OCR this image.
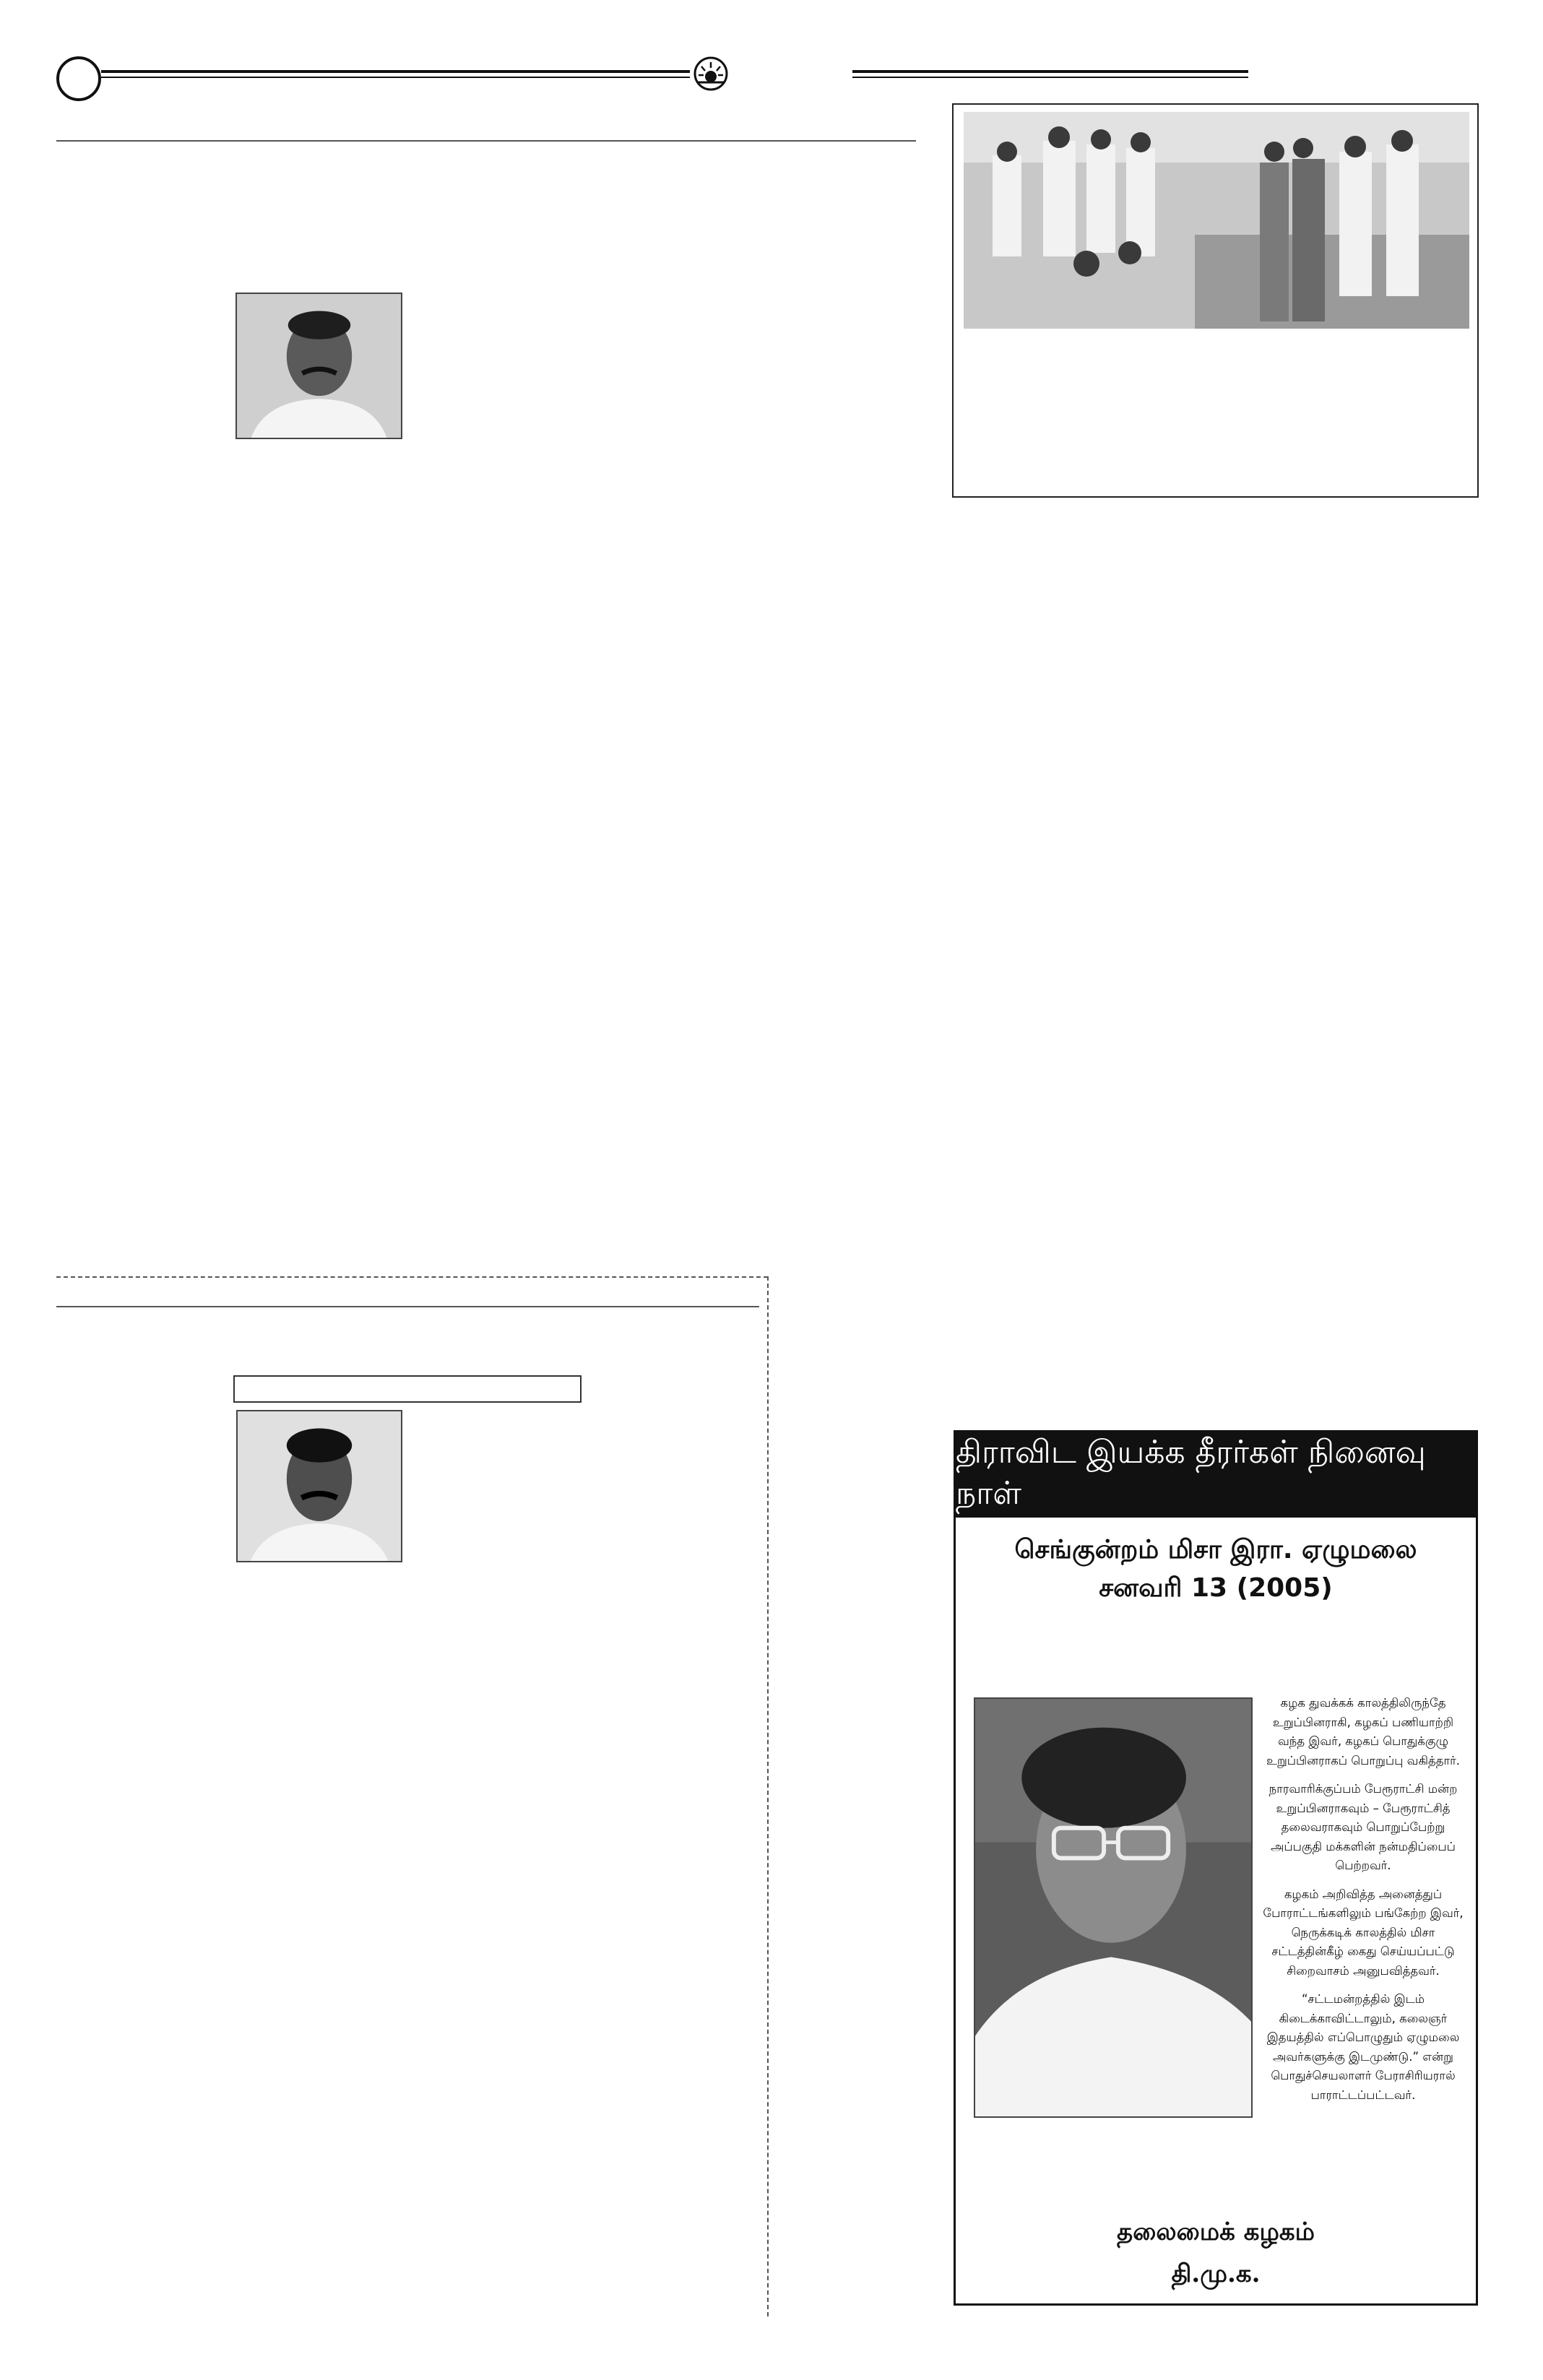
திராவிட இயக்க தீரர்கள் நினைவு நாள்
செங்குன்றம் மிசா இரா. ஏழுமலை
சனவரி 13 (2005)

கழக துவக்கக் காலத்திலிருந்தே உறுப்பினராகி, கழகப் பணியாற்றி வந்த இவர், கழகப் பொதுக்குழு உறுப்பினராகப் பொறுப்பு வகித்தார்.

நாரவாரிக்குப்பம் பேரூராட்சி மன்ற உறுப்பினராகவும் – பேரூராட்சித் தலைவராகவும் பொறுப்பேற்று அப்பகுதி மக்களின் நன்மதிப்பைப் பெற்றவர்.

கழகம் அறிவித்த அனைத்துப் போராட்டங்களிலும் பங்கேற்ற இவர், நெருக்கடிக் காலத்தில் மிசா சட்டத்தின்கீழ் கைது செய்யப்பட்டு சிறைவாசம் அனுபவித்தவர்.

“சட்டமன்றத்தில் இடம் கிடைக்காவிட்டாலும், கலைஞர் இதயத்தில் எப்பொழுதும் ஏழுமலை அவர்களுக்கு இடமுண்டு.” என்று பொதுச்செயலாளர் பேராசிரியரால் பாராட்டப்பட்டவர்.

தலைமைக் கழகம்
தி.மு.க.
